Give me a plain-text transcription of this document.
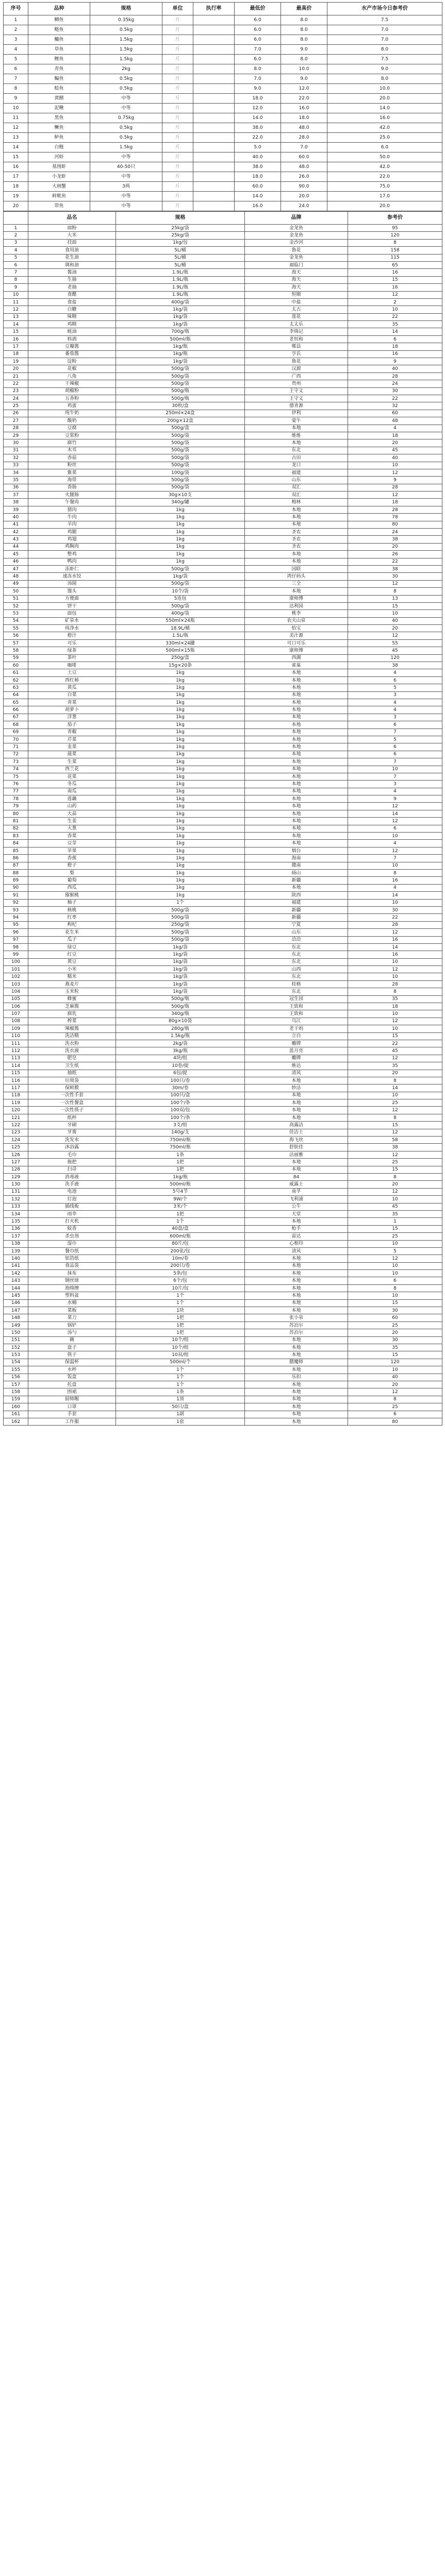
序号	品种	规格	单位	执行率	最低价	最高价	水产市场今日参考价
1	鲫鱼	0.35kg	斤		6.0	8.0	7.5
2	鲢鱼	0.5kg	斤		6.0	8.0	7.0
3	鳙鱼	1.5kg	斤		6.0	8.0	7.0
4	草鱼	1.5kg	斤		7.0	9.0	8.0
5	鲤鱼	1.5kg	斤		6.0	8.0	7.5
6	青鱼	2kg	斤		8.0	10.0	9.0
7	鳊鱼	0.5kg	斤		7.0	9.0	8.0
8	鲶鱼	0.5kg	斤		9.0	12.0	10.0
9	黄鳝	中等	斤		18.0	22.0	20.0
10	泥鳅	中等	斤		12.0	16.0	14.0
11	黑鱼	0.75kg	斤		14.0	18.0	16.0
12	鳜鱼	0.5kg	斤		38.0	48.0	42.0
13	鲈鱼	0.5kg	斤		22.0	28.0	25.0
14	白鲢	1.5kg	斤		5.0	7.0	6.0
15	河虾	中等	斤		40.0	60.0	50.0
16	基围虾	40-50只	斤		38.0	48.0	42.0
17	小龙虾	中等	斤		18.0	26.0	22.0
18	大闸蟹	3两	斤		60.0	90.0	75.0
19	鲜鱿鱼	中等	斤		14.0	20.0	17.0
20	带鱼	中等	斤		16.0	24.0	20.0
	品名	规格	品牌	参考价
1	面粉	25kg/袋	金龙鱼	95
2	大米	25kg/袋	金龙鱼	120
3	挂面	1kg/包	金沙河	8
4	食用油	5L/桶	鲁花	158
5	花生油	5L/桶	金龙鱼	115
6	调和油	5L/桶	福临门	65
7	酱油	1.9L/瓶	海天	16
8	生抽	1.9L/瓶	海天	15
9	老抽	1.9L/瓶	海天	16
10	食醋	1.9L/瓶	恒顺	12
11	食盐	400g/袋	中盐	2
12	白糖	1kg/袋	太古	10
13	味精	1kg/袋	莲花	22
14	鸡精	1kg/袋	太太乐	35
15	蚝油	700g/瓶	李锦记	14
16	料酒	500ml/瓶	老恒和	6
17	豆瓣酱	1kg/瓶	郫县	18
18	番茄酱	1kg/瓶	亨氏	16
19	淀粉	1kg/袋	鲁花	9
20	花椒	500g/袋	汉源	40
21	八角	500g/袋	广西	28
22	干辣椒	500g/袋	贵州	24
23	胡椒粉	500g/瓶	王守义	30
24	五香粉	500g/瓶	王守义	22
25	鸡蛋	30枚/盒	德青源	32
26	纯牛奶	250ml×24盒	伊利	60
27	酸奶	200g×12盒	蒙牛	48
28	豆腐	500g/盒	本地	4
29	豆浆粉	500g/袋	维维	18
30	腐竹	500g/袋	本地	20
31	木耳	500g/袋	东北	45
32	香菇	500g/袋	古田	40
33	粉丝	500g/袋	龙口	10
34	紫菜	100g/袋	福建	12
35	海带	500g/袋	山东	9
36	香肠	500g/袋	双汇	28
37	火腿肠	30g×10支	双汇	12
38	午餐肉	340g/罐	梅林	18
39	猪肉	1kg	本地	28
40	牛肉	1kg	本地	78
41	羊肉	1kg	本地	80
42	鸡腿	1kg	圣农	24
43	鸡翅	1kg	圣农	38
44	鸡胸肉	1kg	圣农	20
45	整鸡	1kg	本地	26
46	鸭肉	1kg	本地	22
47	冻虾仁	500g/袋	国联	38
48	速冻水饺	1kg/袋	湾仔码头	30
49	汤圆	500g/袋	三全	12
50	馒头	10个/袋	本地	8
51	方便面	5连包	康师傅	13
52	饼干	500g/袋	达利园	15
53	面包	400g/袋	桃李	10
54	矿泉水	550ml×24瓶	农夫山泉	40
55	纯净水	18.9L/桶	怡宝	20
56	橙汁	1.5L/瓶	美汁源	12
57	可乐	330ml×24罐	可口可乐	55
58	绿茶	500ml×15瓶	康师傅	45
59	茶叶	250g/盒	西湖	120
60	咖啡	15g×20条	雀巢	38
61	土豆	1kg	本地	4
62	西红柿	1kg	本地	6
63	黄瓜	1kg	本地	5
64	白菜	1kg	本地	3
65	青菜	1kg	本地	4
66	胡萝卜	1kg	本地	4
67	洋葱	1kg	本地	3
68	茄子	1kg	本地	6
69	青椒	1kg	本地	7
70	芹菜	1kg	本地	5
71	韭菜	1kg	本地	6
72	菠菜	1kg	本地	6
73	生菜	1kg	本地	7
74	西兰花	1kg	本地	10
75	花菜	1kg	本地	7
76	冬瓜	1kg	本地	3
77	南瓜	1kg	本地	4
78	莲藕	1kg	本地	9
79	山药	1kg	本地	12
80	大蒜	1kg	本地	14
81	生姜	1kg	本地	12
82	大葱	1kg	本地	6
83	香菜	1kg	本地	10
84	豆芽	1kg	本地	4
85	苹果	1kg	烟台	12
86	香蕉	1kg	海南	7
87	橙子	1kg	赣南	10
88	梨	1kg	砀山	8
89	葡萄	1kg	新疆	16
90	西瓜	1kg	本地	4
91	猕猴桃	1kg	陕西	14
92	柚子	1个	福建	10
93	核桃	500g/袋	新疆	30
94	红枣	500g/袋	新疆	22
95	枸杞	250g/袋	宁夏	28
96	花生米	500g/袋	山东	12
97	瓜子	500g/袋	洽洽	16
98	绿豆	1kg/袋	东北	14
99	红豆	1kg/袋	东北	16
100	黄豆	1kg/袋	东北	10
101	小米	1kg/袋	山西	12
102	糯米	1kg/袋	东北	10
103	燕麦片	1kg/袋	桂格	28
104	玉米粒	1kg/袋	东北	8
105	蜂蜜	500g/瓶	冠生园	35
106	芝麻酱	500g/瓶	王致和	18
107	腐乳	340g/瓶	王致和	10
108	榨菜	80g×10袋	乌江	12
109	辣椒酱	280g/瓶	老干妈	10
110	洗洁精	1.5kg/瓶	立白	15
111	洗衣粉	2kg/袋	雕牌	22
112	洗衣液	3kg/瓶	蓝月亮	45
113	肥皂	4块/组	雕牌	12
114	卫生纸	10卷/提	维达	35
115	抽纸	6包/提	清风	20
116	垃圾袋	100只/卷	本地	8
117	保鲜膜	30m/卷	妙洁	14
118	一次性手套	100只/盒	本地	10
119	一次性餐盒	100个/条	本地	25
120	一次性筷子	100双/包	本地	12
121	纸杯	100个/条	本地	8
122	牙刷	3支/组	高露洁	15
123	牙膏	140g/支	佳洁士	12
124	洗发水	750ml/瓶	海飞丝	58
125	沐浴露	750ml/瓶	舒肤佳	38
126	毛巾	1条	洁丽雅	12
127	拖把	1把	本地	25
128	扫帚	1把	本地	15
129	消毒液	1kg/瓶	84	8
130	洗手液	500ml/瓶	威露士	20
131	电池	5号4节	南孚	12
132	灯泡	9W/个	飞利浦	10
133	插线板	3米/个	公牛	45
134	雨伞	1把	天堂	35
135	打火机	1个	本地	1
136	蚊香	40盘/盒	枪手	15
137	杀虫剂	600ml/瓶	雷达	25
138	湿巾	80片/包	心相印	10
139	餐巾纸	200张/包	清风	5
140	铝箔纸	10m/卷	本地	12
141	食品袋	200只/卷	本地	10
142	抹布	5条/包	本地	10
143	钢丝球	6个/包	本地	6
144	海绵擦	10片/包	本地	8
145	塑料盆	1个	本地	10
146	水桶	1个	本地	15
147	菜板	1块	本地	30
148	菜刀	1把	张小泉	60
149	锅铲	1把	苏泊尔	25
150	汤勺	1把	苏泊尔	20
151	碗	10个/组	本地	30
152	盘子	10个/组	本地	35
153	筷子	10双/组	本地	15
154	保温杯	500ml/个	膳魔师	120
155	水杯	1个	本地	10
156	饭盒	1个	乐扣	40
157	托盘	1个	本地	20
158	围裙	1条	本地	12
159	厨师帽	1顶	本地	8
160	口罩	50只/盒	本地	25
161	手套	1副	本地	6
162	工作服	1套	本地	80
